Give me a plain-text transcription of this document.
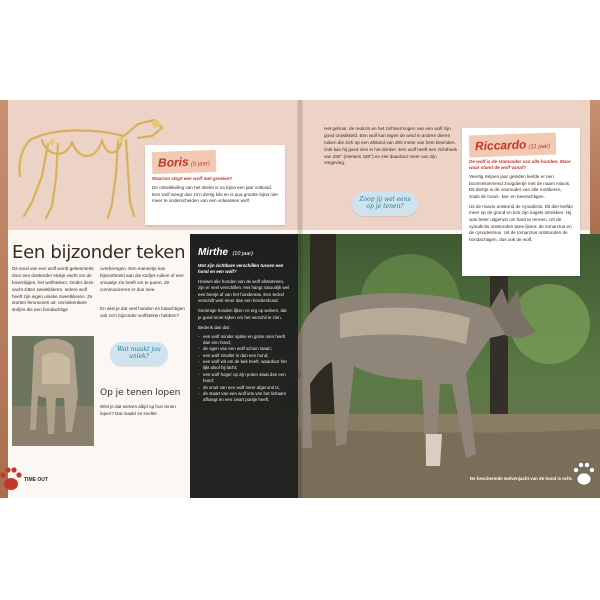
Boris (9 jaar)
Waarom stopt een wolf met groeien?
De ontwikkeling van het skelet is na bijna een jaar voltooid. Een wolf weegt dan zo'n dertig kilo en is qua grootte bijna niet meer te onderscheiden van een volwassen wolf.
Het gehoor, de reukzin en het zichtvermogen van een wolf zijn goed ontwikkeld. Een wolf kan tegen de wind in andere dieren ruiken die zich op een afstand van 300 meter van hem bevinden. Ook kan hij goed zien in het donker. Een wolf heeft een zichthoek van 250° (mensen 180°) en ziet daardoor meer van zijn omgeving.
Zoop jij wel eens op je tenen?
Riccardo (11 jaar)
De wolf is de stamvader van alle honden. Maar waar stamt de wolf vanaf?
Veertig miljoen jaar geleden leefde er een boommkimmend zoogdiertje met de naam miacis. Dit diertje is de voorouder van alle roofdieren, zoals de hond-, kat- en beerachtigen.
Uit de miacis ontstond de cynodictis. Dit dier leefde meer op de grond en kon zijn nagels intrekken. Hij was beter uitgerust om hard te rennen. Uit de cynodictis ontstonden twee lijnen: de tomarctus en de cynodesmus. Uit de tomarctus ontstonden de hondachtigen, dus ook de wolf.
Een bijzonder teken
De snuit van een wolf wordt gekenmerkt door een donkerder stukje vacht om de bovenlipjes, het wolfsteken. Onder deze vacht zitten zweetklieren. Iedere wolf heeft zijn eigen unieke zweetklieren. Ze storten feromonen uit: onmiskenbare stofjes die een hondachtige
overbrengen. Een mannetje kan bijvoorbeeld aan die stofjes ruiken of een vrouwtje zin heeft om te paren. Ze communiceren er dus mee.
En wist je dat veel honden en katachtigen ook zo'n bijzonder wolfsteken hebben?
Wat maakt jou uniek?
Op je tenen lopen
Wist je dat wolven altijd op hun tenen lopen? Dat maakt ze sneller.
Mirthe (10 jaar)
Wat zijn zichtbare verschillen tussen een hond en een wolf?
Hoewel alle honden van de wolf afstammen, zijn er veel verschillen. Het hangt natuurlijk wel een beetje af van het hondenras. Een teckel verschilt veel meer dan een herdershond.
Sommige honden lijken zo erg op wolven, dat je goed moet kijken om het verschil te zien.
Bedenk dan dat:
- een wolf minder spitse en grote oren heeft dan een hond;
- de ogen van een wolf schuin staan;
- een wolf smaller is dan een hond;
- een wolf wit om de bek heeft, waardoor het lijkt alsof hij lacht;
- een wolf hoger op zijn poten staat dan een hond;
- de snuit van een wolf meer afgerond is;
- de staart van een wolf iets van het lichaam afhangt en een zwart puntje heeft.
De beschermde wolvenjacht van de hond is echt.
TIME OUT
